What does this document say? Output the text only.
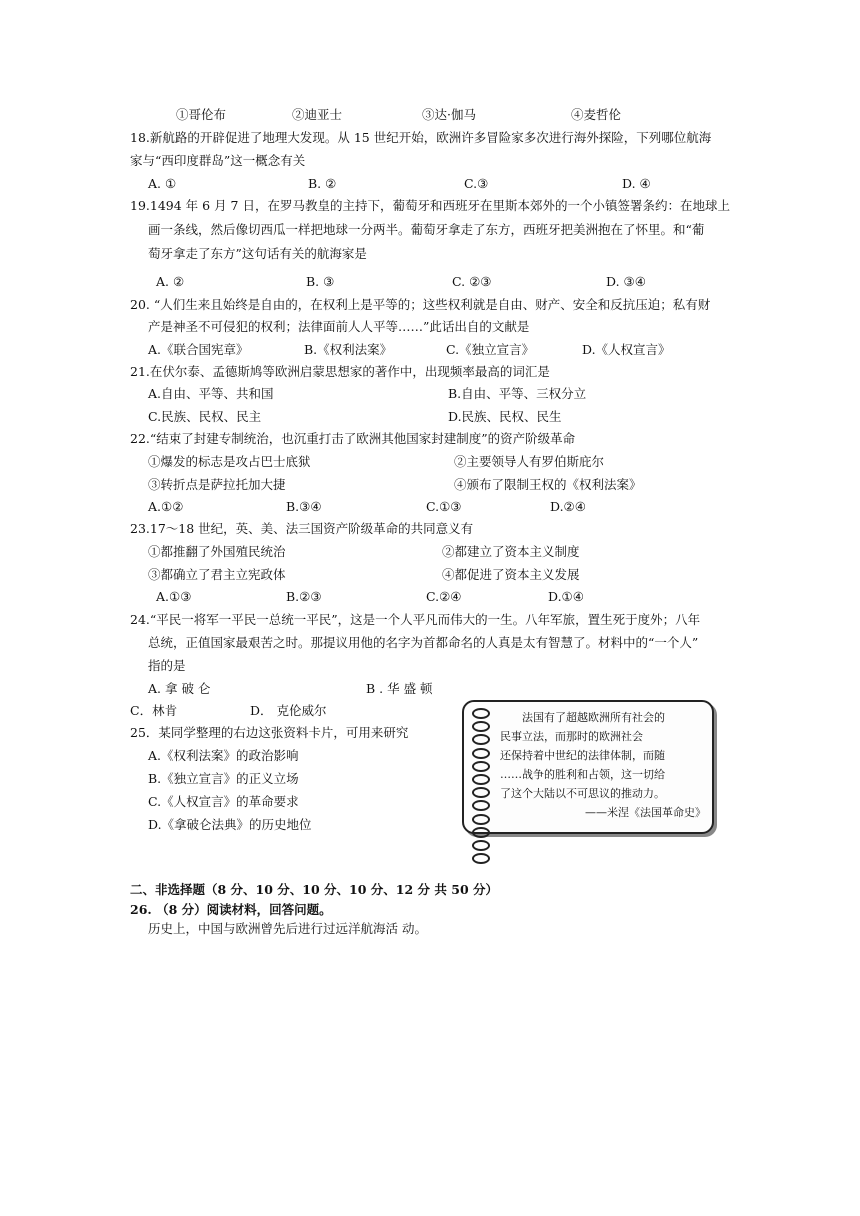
①哥伦布	②迪亚士	③达·伽马	④麦哲伦
18.新航路的开辟促进了地理大发现。从 15 世纪开始，欧洲许多冒险家多次进行海外探险，下列哪位航海
家与“西印度群岛”这一概念有关
A. ①	B. ②	C.③	D. ④
19.1494 年 6 月 7 日，在罗马教皇的主持下，葡萄牙和西班牙在里斯本郊外的一个小镇签署条约：在地球上
画一条线，然后像切西瓜一样把地球一分两半。葡萄牙拿走了东方，西班牙把美洲抱在了怀里。和“葡
萄牙拿走了东方”这句话有关的航海家是
A. ②	B. ③	C. ②③	D. ③④
20. “人们生来且始终是自由的，在权利上是平等的；这些权利就是自由、财产、安全和反抗压迫；私有财
产是神圣不可侵犯的权利；法律面前人人平等……”此话出自的文献是
A.《联合国宪章》	B.《权利法案》	C.《独立宣言》	D.《人权宣言》
21.在伏尔泰、孟德斯鸠等欧洲启蒙思想家的著作中，出现频率最高的词汇是
A.自由、平等、共和国	B.自由、平等、三权分立
C.民族、民权、民主	D.民族、民权、民生
22.“结束了封建专制统治，也沉重打击了欧洲其他国家封建制度”的资产阶级革命
①爆发的标志是攻占巴士底狱	②主要领导人有罗伯斯庇尔
③转折点是萨拉托加大捷	④颁布了限制王权的《权利法案》
A.①②	B.③④	C.①③	D.②④
23.17～18 世纪，英、美、法三国资产阶级革命的共同意义有
①都推翻了外国殖民统治	②都建立了资本主义制度
③都确立了君主立宪政体	④都促进了资本主义发展
A.①③	B.②③	C.②④	D.①④
24.“平民一将军一平民一总统一平民”，这是一个人平凡而伟大的一生。八年军旅，置生死于度外；八年
总统，正值国家最艰苦之时。那提议用他的名字为首都命名的人真是太有智慧了。材料中的“一个人”
指的是
A. 拿 破 仑	B . 华 盛 顿
C．林肯	D． 克伦威尔
25．某同学整理的右边这张资料卡片，可用来研究
A.《权利法案》的政治影响
B.《独立宣言》的正义立场
C.《人权宣言》的革命要求
D.《拿破仑法典》的历史地位
法国有了超越欧洲所有社会的
民事立法，而那时的欧洲社会
还保持着中世纪的法律体制，而随
……战争的胜利和占领，这一切给
了这个大陆以不可思议的推动力。
——米涅《法国革命史》
二、非选择题（8 分、10 分、10 分、10 分、12 分 共 50 分）
26. （8 分）阅读材料，回答问题。
历史上，中国与欧洲曾先后进行过远洋航海活 动。
